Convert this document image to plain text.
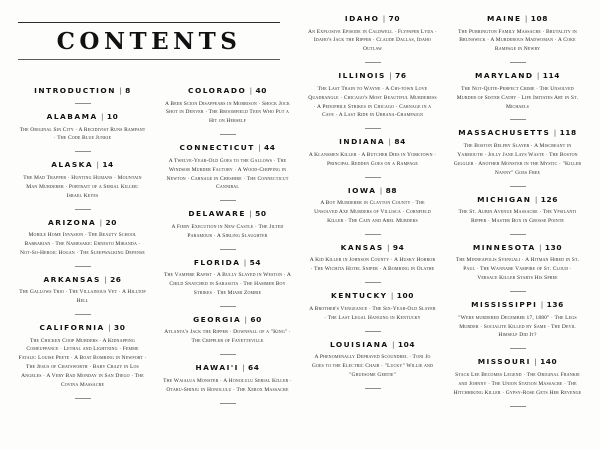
CONTENTS
INTRODUCTION | 8
ALABAMA | 10
The Original Sin City · A Recidivist Runs Rampant · The Code Blue Junkie
ALASKA | 14
The Mad Trapper · Hunting Humans · Mountain Man Murderer · Portrait of a Serial Killer: Israel Keyes
ARIZONA | 20
Mobile Home Invasion · The Beauty School Barbarian · The Namesake: Ernesto Miranda · Not-So-Heroic Hogan · The Sleepwalking Defense
ARKANSAS | 26
The Gallows Trio · The Villainous Vet · A Hilltop Hell
CALIFORNIA | 30
The Chicken Coop Murders · A Kidnapping Comeuppance · Lethal and Lightning · Femme Fatale: Louise Peete · A Boat Bombing in Newport · The Jesus of Chatsworth · Baby Crazy in Los Angeles · A Very Bad Monday in San Diego · The Covina Massacre
COLORADO | 40
A Beer Scion Disappears in Morrison · Shock Jock Shot in Denver · The Broomfield Teen Who Put a Hit on Herself
CONNECTICUT | 44
A Twelve-Year-Old Goes to the Gallows · The Windsor Murder Factory · A Wood-Chipping in Newton · Carnage in Cheshire · The Connecticut Cannibal
DELAWARE | 50
A Fiery Execution in New Castle · The Jilted Paramour · A Sibling Slaughter
FLORIDA | 54
The Vampire Rapist · A Bully Slayed in Weston · A Child Snatched in Sarasota · The Hammer Boy Strikes · The Miami Zombie
GEORGIA | 60
Atlanta's Jack the Ripper · Downfall of a "King" · The Crippler of Fayetteville
HAWAI'I | 64
The Waialua Monster · A Honolulu Serial Killer · Otaru-Shinju in Honolulu · The Xerox Massacre
IDAHO | 70
An Explosive Episode in Caldwell · Flypaper Lyda · Idaho's Jack the Ripper · Claude Dallas, Idaho Outlaw
ILLINOIS | 76
The Last Train to Wayne · A Chi-town Love Quadrangle · Chicago's Most Beautiful Murderess · A Pedophile Strikes in Chicago · Carnage in a Cave · A Last Ride in Urbana-Champaign
INDIANA | 84
A Klansmen Killer · A Butcher Dies in Yorktown · Principal Redden Goes on a Rampage
IOWA | 88
A Boy Murderer in Clayton County · The Unsolved Axe Murders of Villisca · Cornfield Killer · The Cain and Abel Murders
KANSAS | 94
A Kid Killer in Johnson County · A Husky Horror · The Wichita Hotel Sniper · A Bombing in Olathe
KENTUCKY | 100
A Brother's Vengeance · The Six-Year-Old Slayer · The Last Legal Hanging in Kentucky
LOUISIANA | 104
A Phenomenally Depraved Scoundrel · Toni Jo Goes to the Electric Chair · "Lucky" Willie and "Gruesome Gertie"
MAINE | 108
The Purrington Family Massacre · Brutality in Brunswick · A Murderous Madwoman · A Coke Rampage in Newry
MARYLAND | 114
The Not-Quite-Perfect Crime · The Unsolved Murder of Sister Cathy · Life Imitates Art in St. Michaels
MASSACHUSETTS | 118
The Boston Belfry Slayer · A Miscreant in Yarmouth · Jolly Jane Lays Waste · The Boston Giggler · Another Monster in the Mystic · "Killer Nanny" Goes Free
MICHIGAN | 126
The St. Aubin Avenue Massacre · The Ypsilanti Ripper · Master Box in Grosse Pointe
MINNESOTA | 130
The Minneapolis Svengali · A Hitman Hired in St. Paul · The Wannabe Vampire of St. Cloud · Versace Killer Starts His Spree
MISSISSIPPI | 136
"Were murdered December 17, 1880" · The Legs Murder · Socialite Killed by Same · The Devil Himself Did It?
MISSOURI | 140
Stack Lee Becomes Legend · The Original Frankie and Johnny · The Union Station Massacre · The Hitchhiking Killer · Gypsy-Rose Gets Her Revenge
